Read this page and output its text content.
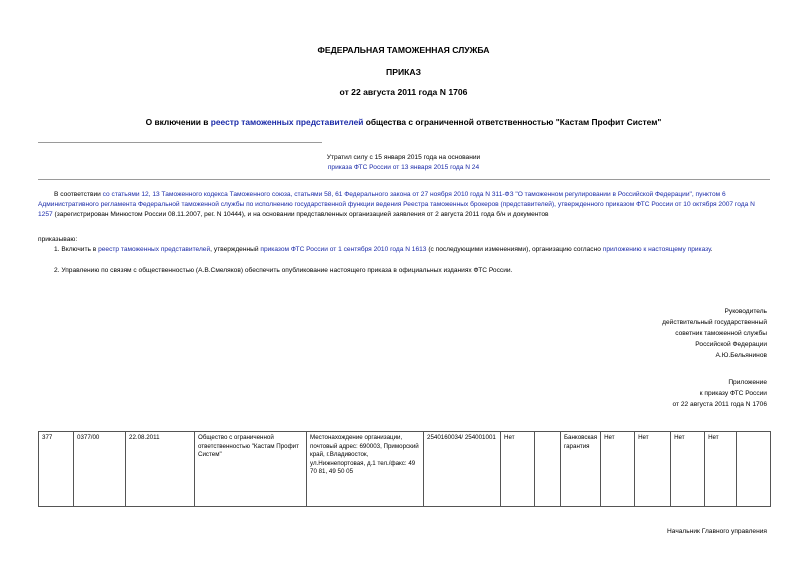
ФЕДЕРАЛЬНАЯ ТАМОЖЕННАЯ СЛУЖБА
ПРИКАЗ
от 22 августа 2011 года N 1706
О включении в реестр таможенных представителей общества с ограниченной ответственностью "Кастам Профит Систем"
Утратил силу с 15 января 2015 года на основании
приказа ФТС России от 13 января 2015 года N 24
В соответствии со статьями 12, 13 Таможенного кодекса Таможенного союза, статьями 58, 61 Федерального закона от 27 ноября 2010 года N 311-ФЗ "О таможенном регулировании в Российской Федерации", пунктом 6 Административного регламента Федеральной таможенной службы по исполнению государственной функции ведения Реестра таможенных брокеров (представителей), утвержденного приказом ФТС России от 10 октября 2007 года N 1257 (зарегистрирован Минюстом России 08.11.2007, рег. N 10444), и на основании представленных организацией заявления от 2 августа 2011 года б/н и документов
приказываю:
1. Включить в реестр таможенных представителей, утвержденный приказом ФТС России от 1 сентября 2010 года N 1613 (с последующими изменениями), организацию согласно приложению к настоящему приказу.
2. Управлению по связям с общественностью (А.В.Смеляков) обеспечить опубликование настоящего приказа в официальных изданиях ФТС России.
Руководитель
действительный государственный
советник таможенной службы
Российской Федерации
А.Ю.Бельянинов
Приложение
к приказу ФТС России
от 22 августа 2011 года N 1706
377	0377/00	22.08.2011	Общество с ограниченной ответственностью "Кастам Профит Систем"	Местонахождение организации, почтовый адрес: 690003, Приморский край, г.Владивосток, ул.Нижнепортовая, д.1 тел./факс: 49 70 81, 49 50 05	2540160034/ 254001001	Нет		Банковская гарантия	Нет	Нет	Нет	Нет	
Начальник Главного управления
